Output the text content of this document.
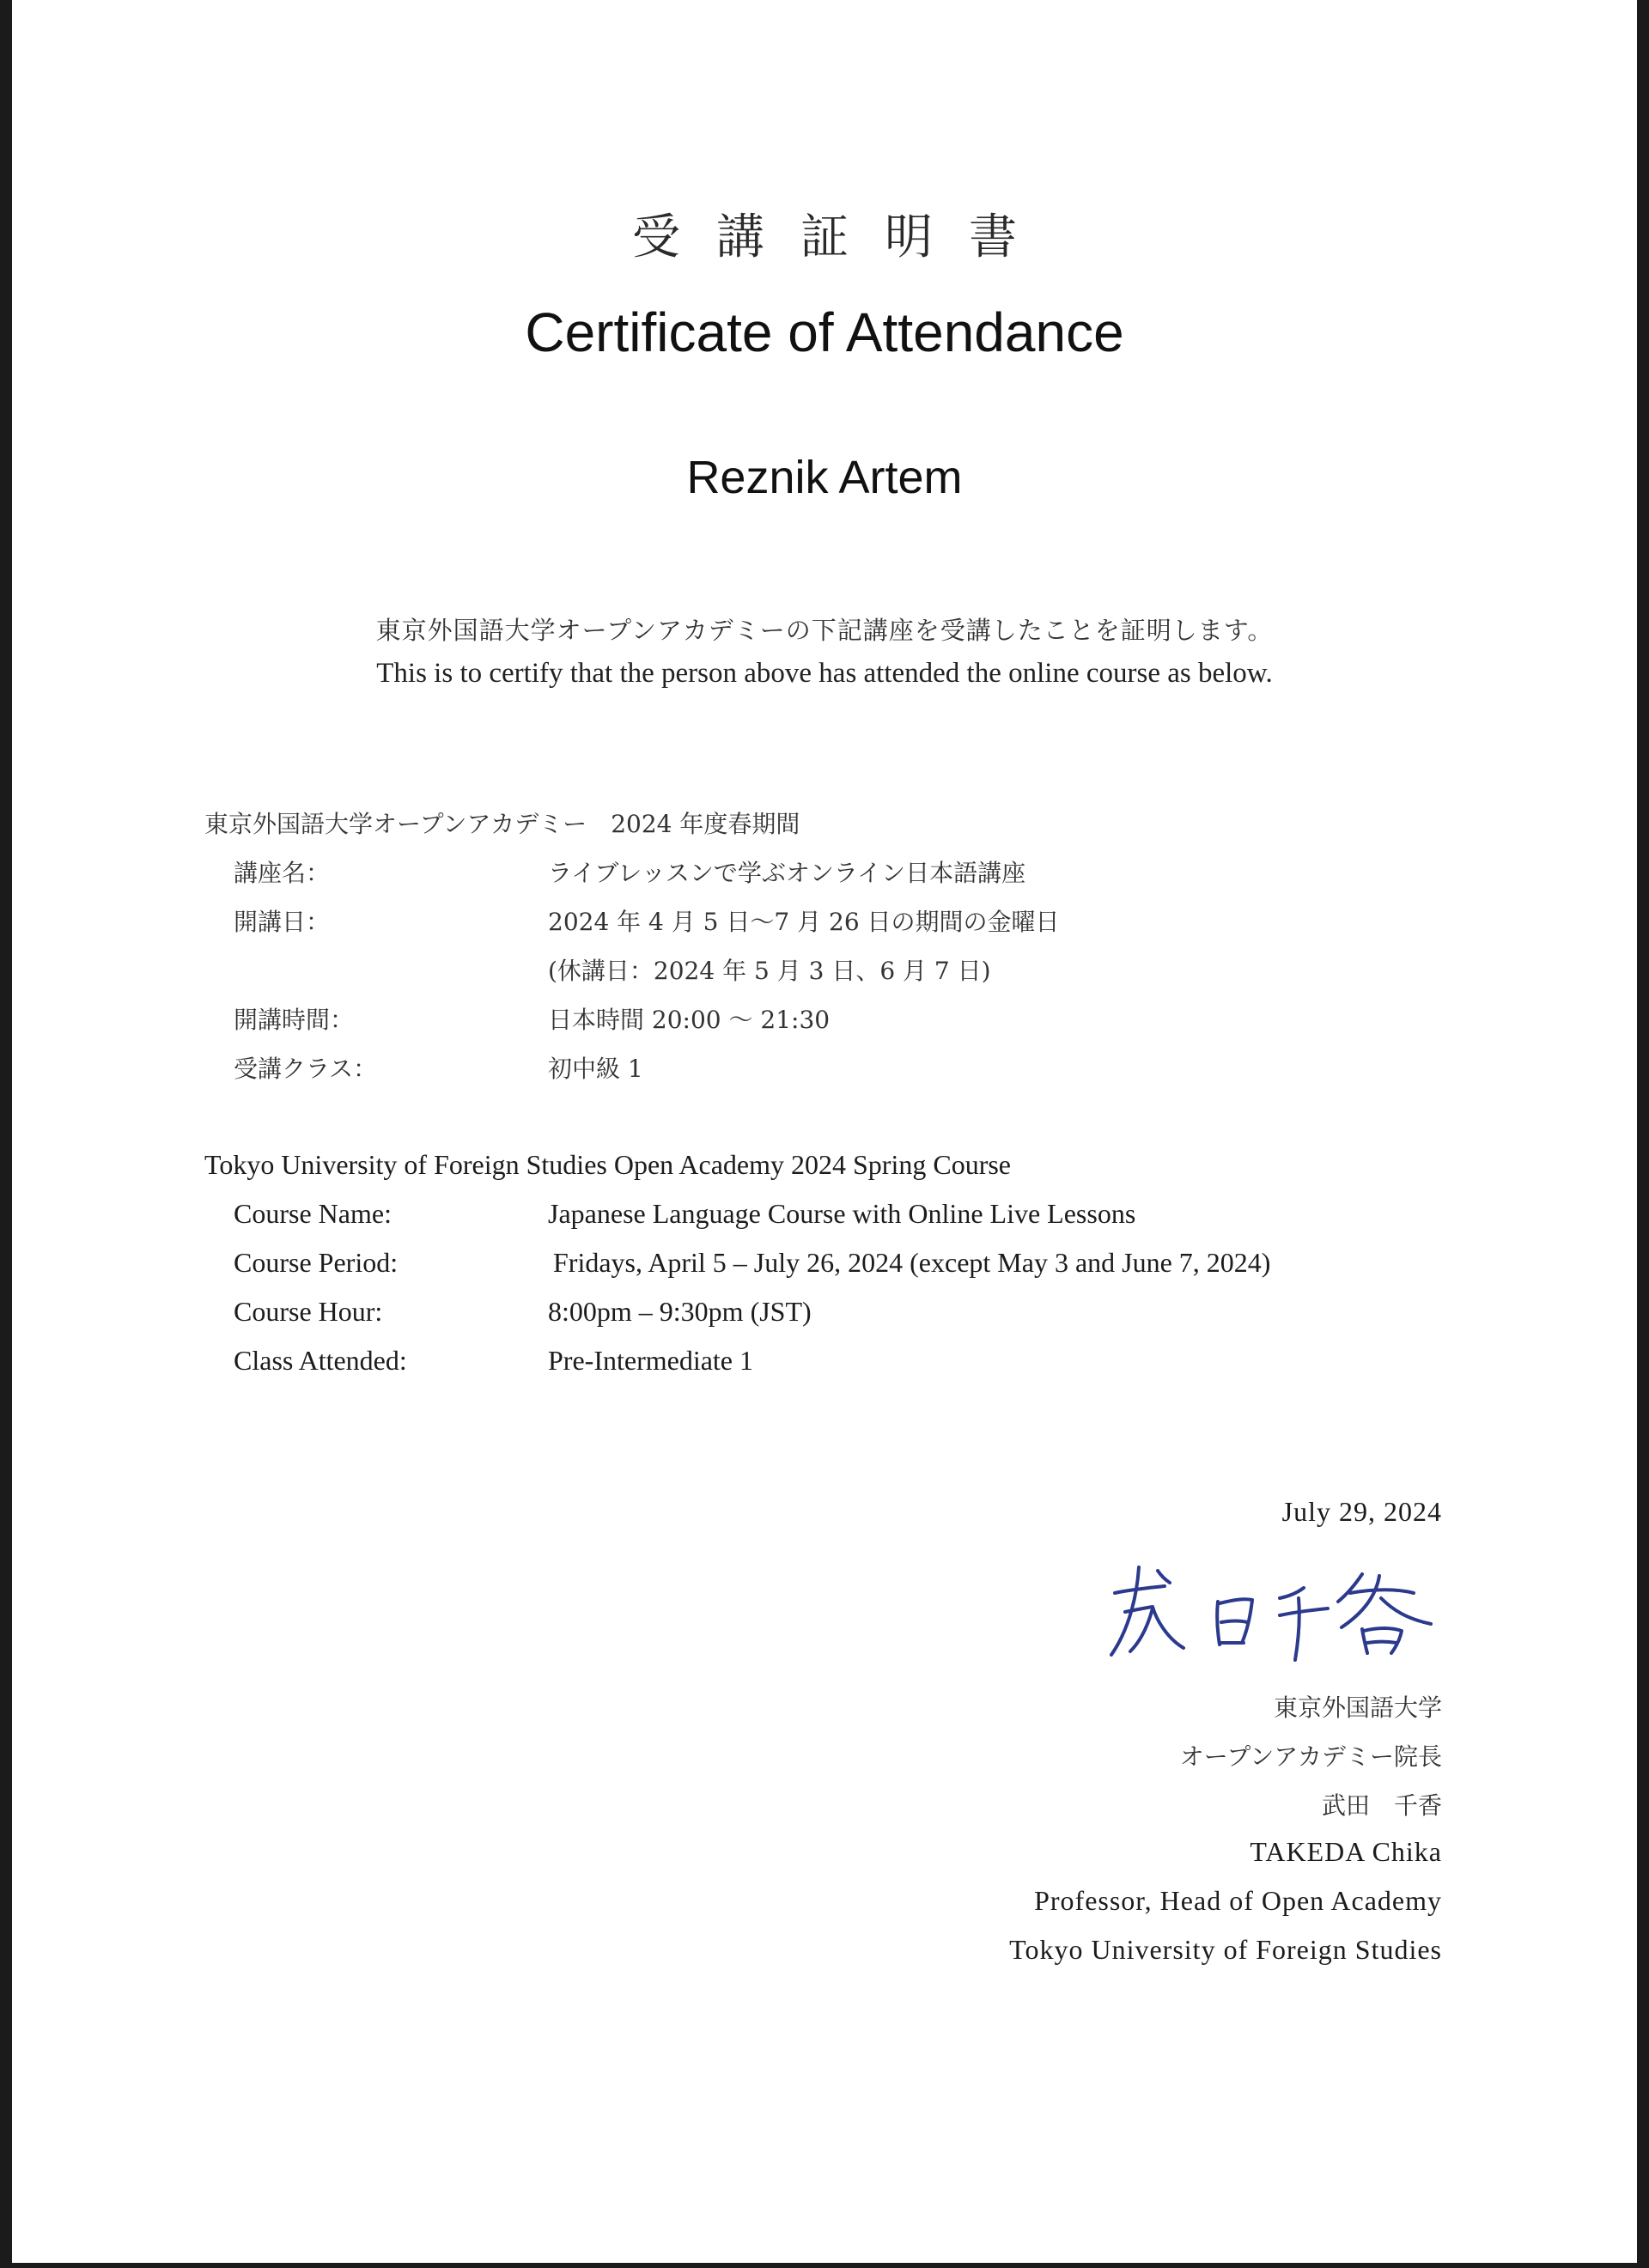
受講証明書
Certificate of Attendance
Reznik Artem
東京外国語大学オープンアカデミーの下記講座を受講したことを証明します。
This is to certify that the person above has attended the online course as below.
東京外国語大学オープンアカデミー　2024 年度春期間
講座名：	ライブレッスンで学ぶオンライン日本語講座
開講日：	2024 年 4 月 5 日〜7 月 26 日の期間の金曜日
(休講日：2024 年 5 月 3 日、6 月 7 日)
開講時間：	日本時間 20:00 〜 21:30
受講クラス：	初中級 1
Tokyo University of Foreign Studies Open Academy 2024 Spring Course
Course Name:	Japanese Language Course with Online Live Lessons
Course Period:	Fridays, April 5 – July 26, 2024 (except May 3 and June 7, 2024)
Course Hour:	8:00pm – 9:30pm (JST)
Class Attended:	Pre-Intermediate 1
July 29, 2024
東京外国語大学
オープンアカデミー院長
武田　千香
TAKEDA Chika
Professor, Head of Open Academy
Tokyo University of Foreign Studies
